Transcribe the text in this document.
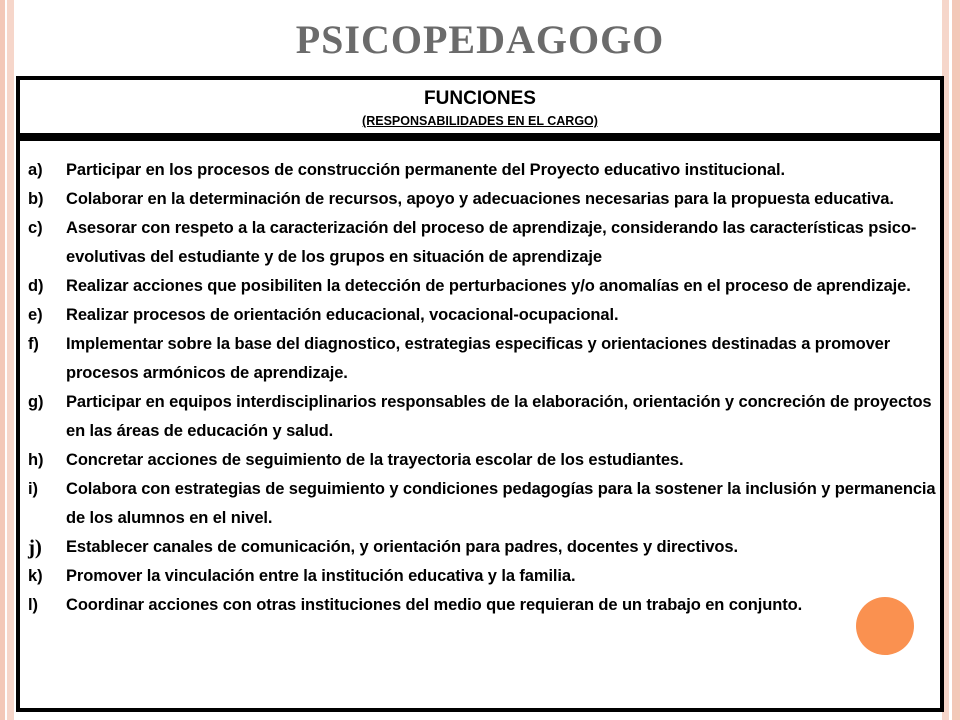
PSICOPEDAGOGO
FUNCIONES
(RESPONSABILIDADES EN EL CARGO)
a) Participar en los procesos de construcción permanente del Proyecto educativo institucional.
b) Colaborar en la determinación de recursos, apoyo y adecuaciones necesarias para la propuesta educativa.
c) Asesorar con respeto a la caracterización del proceso de aprendizaje, considerando las características psico-evolutivas del estudiante y de los grupos en situación de aprendizaje
d) Realizar acciones que posibiliten la detección de perturbaciones y/o anomalías en el proceso de aprendizaje.
e) Realizar procesos de orientación educacional, vocacional-ocupacional.
f) Implementar sobre la base del diagnostico, estrategias especificas y orientaciones destinadas a promover procesos armónicos de aprendizaje.
g) Participar en equipos interdisciplinarios responsables de la elaboración, orientación y concreción de proyectos en las áreas de educación y salud.
h) Concretar acciones de seguimiento de la trayectoria escolar de los estudiantes.
i) Colabora con estrategias de seguimiento y condiciones pedagogías para la sostener la inclusión y permanencia de los alumnos en el nivel.
j) Establecer canales de comunicación, y orientación para padres, docentes y directivos.
k) Promover la vinculación entre la institución educativa y la familia.
l) Coordinar acciones con otras instituciones del medio que requieran de un trabajo en conjunto.
